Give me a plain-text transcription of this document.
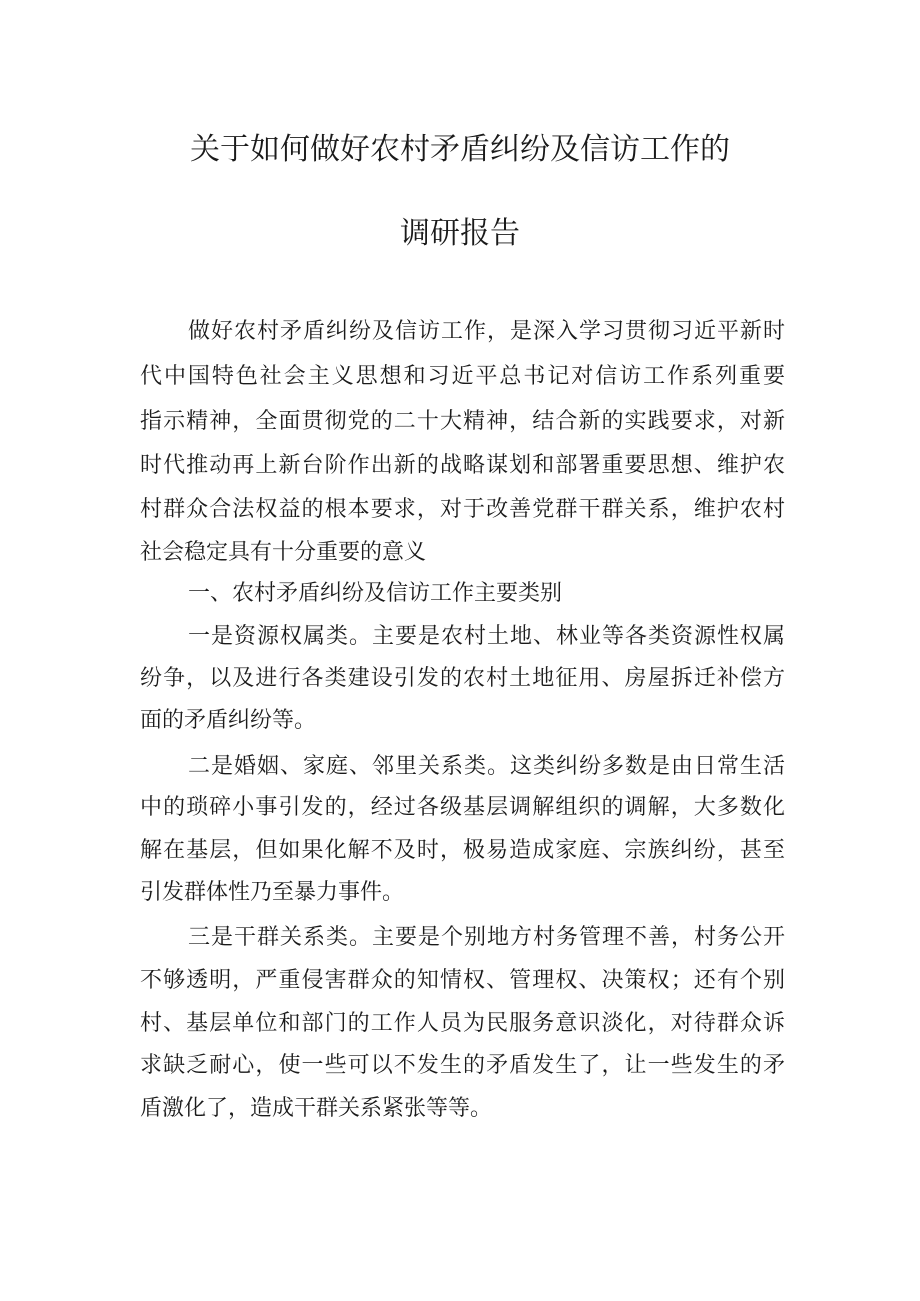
关于如何做好农村矛盾纠纷及信访工作的
调研报告
做好农村矛盾纠纷及信访工作，是深入学习贯彻习近平新时
代中国特色社会主义思想和习近平总书记对信访工作系列重要
指示精神，全面贯彻党的二十大精神，结合新的实践要求，对新
时代推动再上新台阶作出新的战略谋划和部署重要思想、维护农
村群众合法权益的根本要求，对于改善党群干群关系，维护农村
社会稳定具有十分重要的意义
一、农村矛盾纠纷及信访工作主要类别
一是资源权属类。主要是农村土地、林业等各类资源性权属
纷争，以及进行各类建设引发的农村土地征用、房屋拆迁补偿方
面的矛盾纠纷等。
二是婚姻、家庭、邻里关系类。这类纠纷多数是由日常生活
中的琐碎小事引发的，经过各级基层调解组织的调解，大多数化
解在基层，但如果化解不及时，极易造成家庭、宗族纠纷，甚至
引发群体性乃至暴力事件。
三是干群关系类。主要是个别地方村务管理不善，村务公开
不够透明，严重侵害群众的知情权、管理权、决策权；还有个别
村、基层单位和部门的工作人员为民服务意识淡化，对待群众诉
求缺乏耐心，使一些可以不发生的矛盾发生了，让一些发生的矛
盾激化了，造成干群关系紧张等等。
